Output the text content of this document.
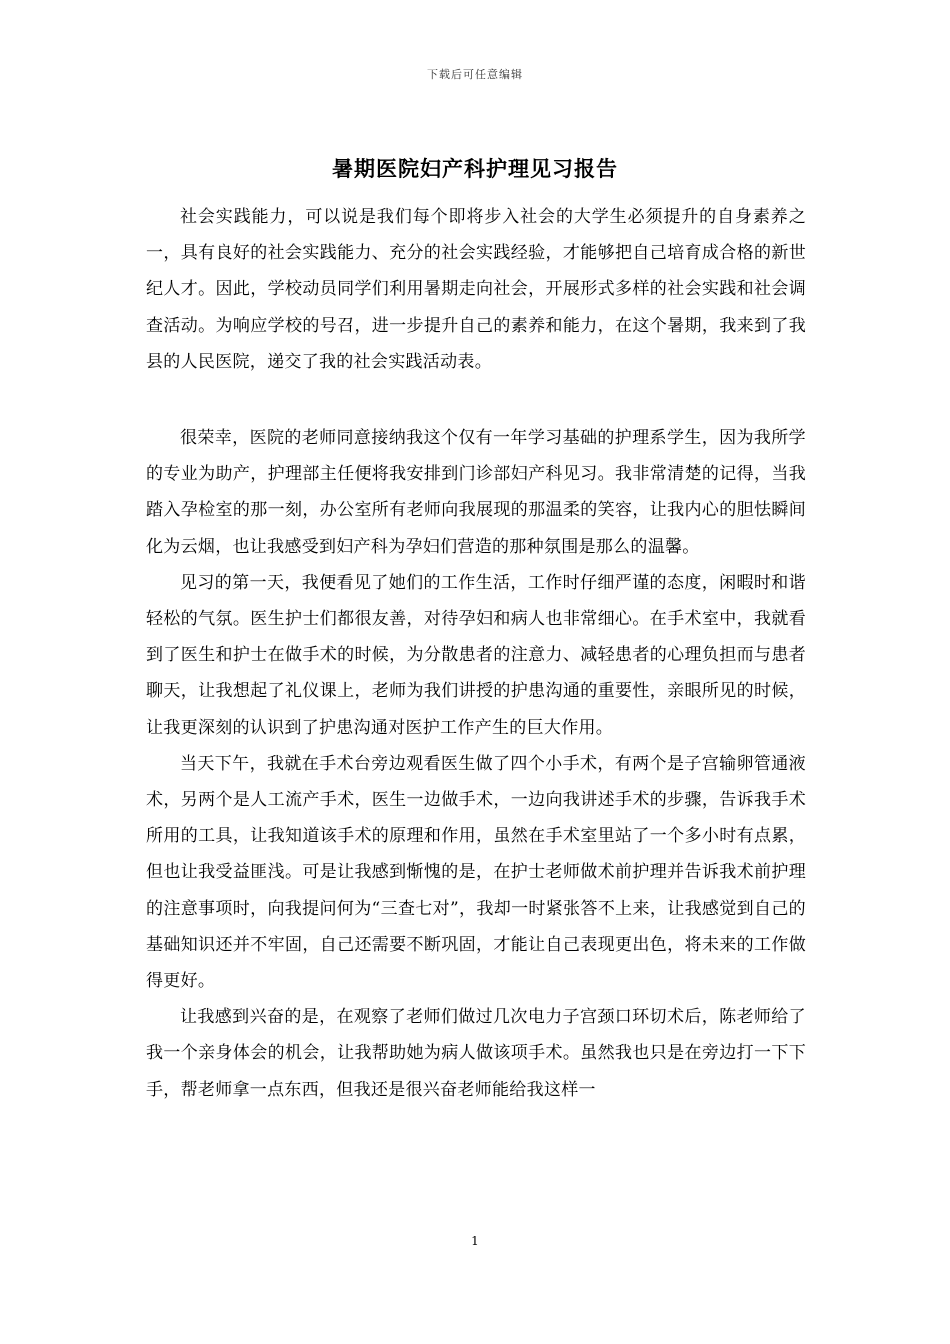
下载后可任意编辑
暑期医院妇产科护理见习报告

社会实践能力，可以说是我们每个即将步入社会的大学生必须提升的自身素养之一，具有良好的社会实践能力、充分的社会实践经验，才能够把自己培育成合格的新世纪人才。因此，学校动员同学们利用暑期走向社会，开展形式多样的社会实践和社会调查活动。为响应学校的号召，进一步提升自己的素养和能力，在这个暑期，我来到了我县的人民医院，递交了我的社会实践活动表。

很荣幸，医院的老师同意接纳我这个仅有一年学习基础的护理系学生，因为我所学的专业为助产，护理部主任便将我安排到门诊部妇产科见习。我非常清楚的记得，当我踏入孕检室的那一刻，办公室所有老师向我展现的那温柔的笑容，让我内心的胆怯瞬间化为云烟，也让我感受到妇产科为孕妇们营造的那种氛围是那么的温馨。

见习的第一天，我便看见了她们的工作生活，工作时仔细严谨的态度，闲暇时和谐轻松的气氛。医生护士们都很友善，对待孕妇和病人也非常细心。在手术室中，我就看到了医生和护士在做手术的时候，为分散患者的注意力、减轻患者的心理负担而与患者聊天，让我想起了礼仪课上，老师为我们讲授的护患沟通的重要性，亲眼所见的时候，让我更深刻的认识到了护患沟通对医护工作产生的巨大作用。

当天下午，我就在手术台旁边观看医生做了四个小手术，有两个是子宫输卵管通液术，另两个是人工流产手术，医生一边做手术，一边向我讲述手术的步骤，告诉我手术所用的工具，让我知道该手术的原理和作用，虽然在手术室里站了一个多小时有点累，但也让我受益匪浅。可是让我感到惭愧的是，在护士老师做术前护理并告诉我术前护理的注意事项时，向我提问何为“三查七对”，我却一时紧张答不上来，让我感觉到自己的基础知识还并不牢固，自己还需要不断巩固，才能让自己表现更出色，将未来的工作做得更好。

让我感到兴奋的是，在观察了老师们做过几次电力子宫颈口环切术后，陈老师给了我一个亲身体会的机会，让我帮助她为病人做该项手术。虽然我也只是在旁边打一下下手，帮老师拿一点东西，但我还是很兴奋老师能给我这样一

1
